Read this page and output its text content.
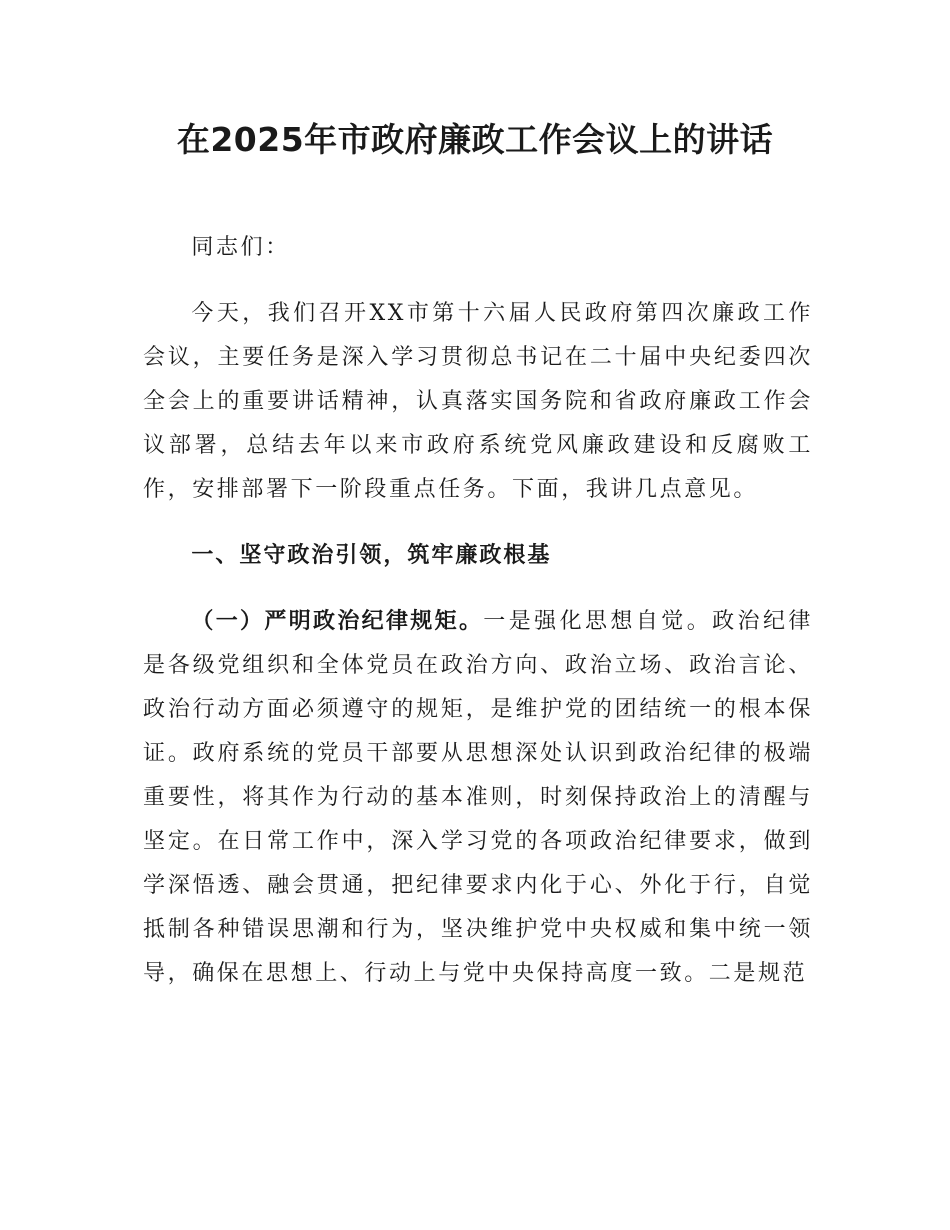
在2025年市政府廉政工作会议上的讲话

同志们：

今天，我们召开XX市第十六届人民政府第四次廉政工作会议，主要任务是深入学习贯彻总书记在二十届中央纪委四次全会上的重要讲话精神，认真落实国务院和省政府廉政工作会议部署，总结去年以来市政府系统党风廉政建设和反腐败工作，安排部署下一阶段重点任务。下面，我讲几点意见。

一、坚守政治引领，筑牢廉政根基

（一）严明政治纪律规矩。一是强化思想自觉。政治纪律是各级党组织和全体党员在政治方向、政治立场、政治言论、政治行动方面必须遵守的规矩，是维护党的团结统一的根本保证。政府系统的党员干部要从思想深处认识到政治纪律的极端重要性，将其作为行动的基本准则，时刻保持政治上的清醒与坚定。在日常工作中，深入学习党的各项政治纪律要求，做到学深悟透、融会贯通，把纪律要求内化于心、外化于行，自觉抵制各种错误思潮和行为，坚决维护党中央权威和集中统一领导，确保在思想上、行动上与党中央保持高度一致。二是规范
